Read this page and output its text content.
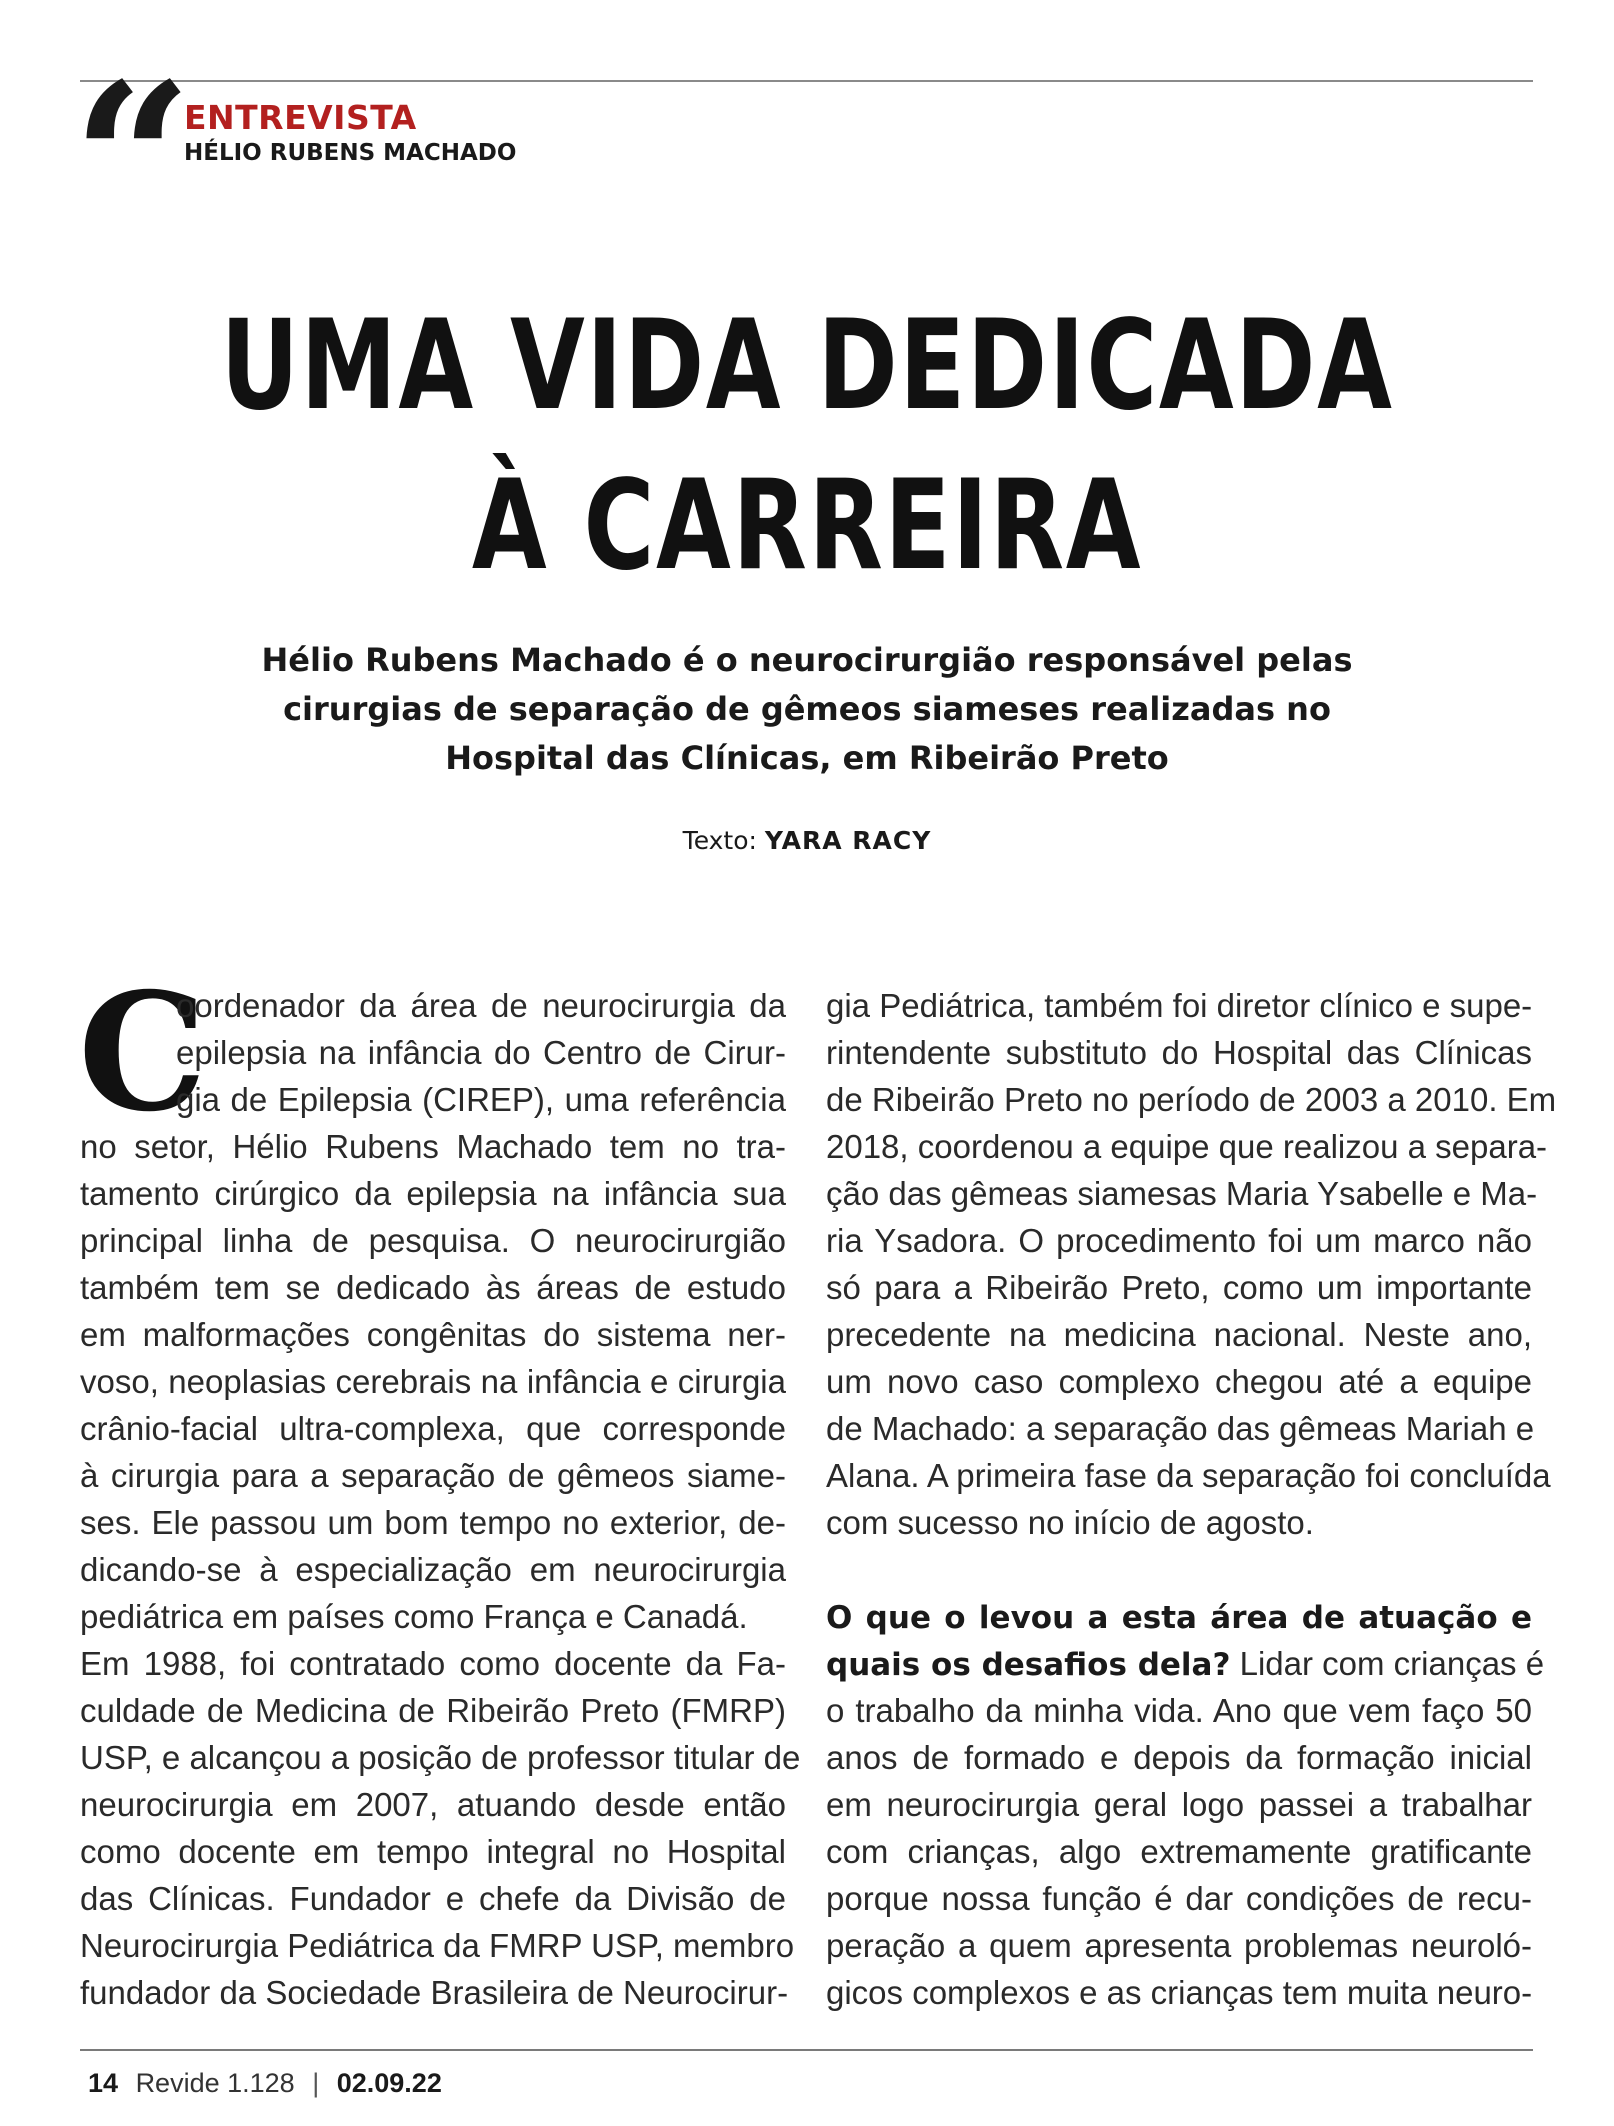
“ ENTREVISTA
HÉLIO RUBENS MACHADO
UMA VIDA DEDICADA
À CARREIRA
Hélio Rubens Machado é o neurocirurgião responsável pelas
cirurgias de separação de gêmeos siameses realizadas no
Hospital das Clínicas, em Ribeirão Preto
Texto: YARA RACY
C
oordenador da área de neurocirurgia da
epilepsia na infância do Centro de Cirur-
gia de Epilepsia (CIREP), uma referência
no setor, Hélio Rubens Machado tem no tra-
tamento cirúrgico da epilepsia na infância sua
principal linha de pesquisa. O neurocirurgião
também tem se dedicado às áreas de estudo
em malformações congênitas do sistema ner-
voso, neoplasias cerebrais na infância e cirurgia
crânio-facial ultra-complexa, que corresponde
à cirurgia para a separação de gêmeos siame-
ses. Ele passou um bom tempo no exterior, de-
dicando-se à especialização em neurocirurgia
pediátrica em países como França e Canadá.
Em 1988, foi contratado como docente da Fa-
culdade de Medicina de Ribeirão Preto (FMRP)
USP, e alcançou a posição de professor titular de
neurocirurgia em 2007, atuando desde então
como docente em tempo integral no Hospital
das Clínicas. Fundador e chefe da Divisão de
Neurocirurgia Pediátrica da FMRP USP, membro
fundador da Sociedade Brasileira de Neurocirur-
gia Pediátrica, também foi diretor clínico e supe-
rintendente substituto do Hospital das Clínicas
de Ribeirão Preto no período de 2003 a 2010. Em
2018, coordenou a equipe que realizou a separa-
ção das gêmeas siamesas Maria Ysabelle e Ma-
ria Ysadora. O procedimento foi um marco não
só para a Ribeirão Preto, como um importante
precedente na medicina nacional. Neste ano,
um novo caso complexo chegou até a equipe
de Machado: a separação das gêmeas Mariah e
Alana. A primeira fase da separação foi concluída
com sucesso no início de agosto.
O que o levou a esta área de atuação e
quais os desafios dela? Lidar com crianças é
o trabalho da minha vida. Ano que vem faço 50
anos de formado e depois da formação inicial
em neurocirurgia geral logo passei a trabalhar
com crianças, algo extremamente gratificante
porque nossa função é dar condições de recu-
peração a quem apresenta problemas neuroló-
gicos complexos e as crianças tem muita neuro-
14 Revide 1.128 | 02.09.22
